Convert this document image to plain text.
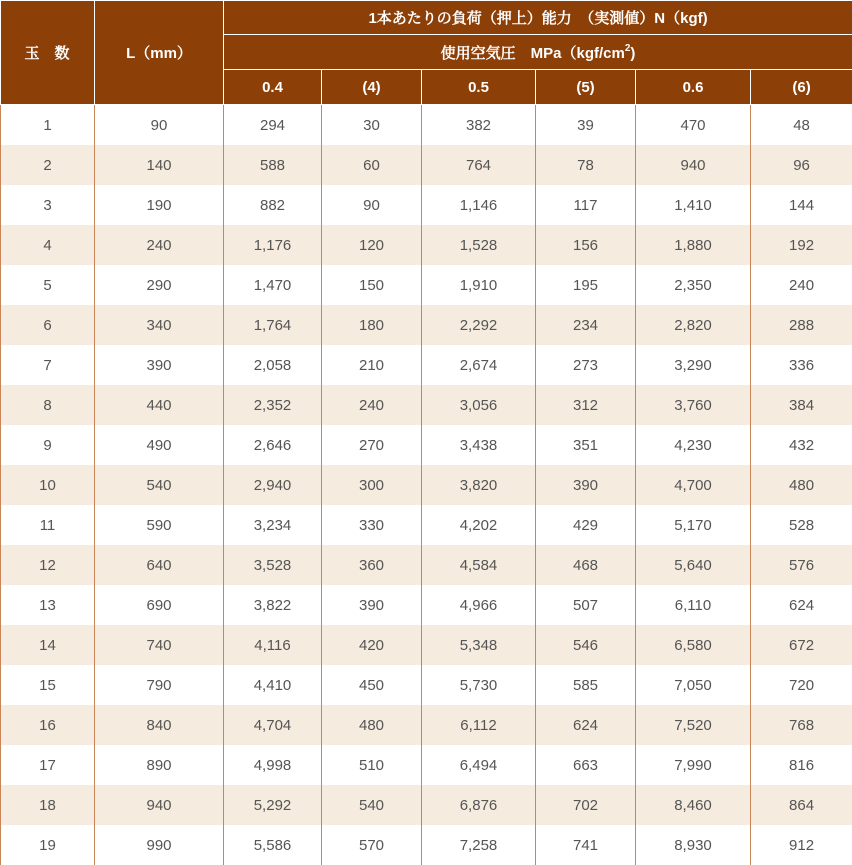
玉 数	L（mm）	1本あたりの負荷（押上）能力　（実測値）N（kgf)					
		使用空気圧　$MPa(kgf/cm^2)$					
		0.4	(4)	0.5	(5)	0.6	(6)
1	90	294	30	382	39	470	48
2	140	588	60	764	78	940	96
3	190	882	90	1,146	117	1,410	144
4	240	1,176	120	1,528	156	1,880	192
5	290	1,470	150	1,910	195	2,350	240
6	340	1,764	180	2,292	234	2,820	288
7	390	2,058	210	2,674	273	3,290	336
8	440	2,352	240	3,056	312	3,760	384
9	490	2,646	270	3,438	351	4,230	432
10	540	2,940	300	3,820	390	4,700	480
11	590	3,234	330	4,202	429	5,170	528
12	640	3,528	360	4,584	468	5,640	576
13	690	3,822	390	4,966	507	6,110	624
14	740	4,116	420	5,348	546	6,580	672
15	790	4,410	450	5,730	585	7,050	720
16	840	4,704	480	6,112	624	7,520	768
17	890	4,998	510	6,494	663	7,990	816
18	940	5,292	540	6,876	702	8,460	864
19	990	5,586	570	7,258	741	8,930	912
